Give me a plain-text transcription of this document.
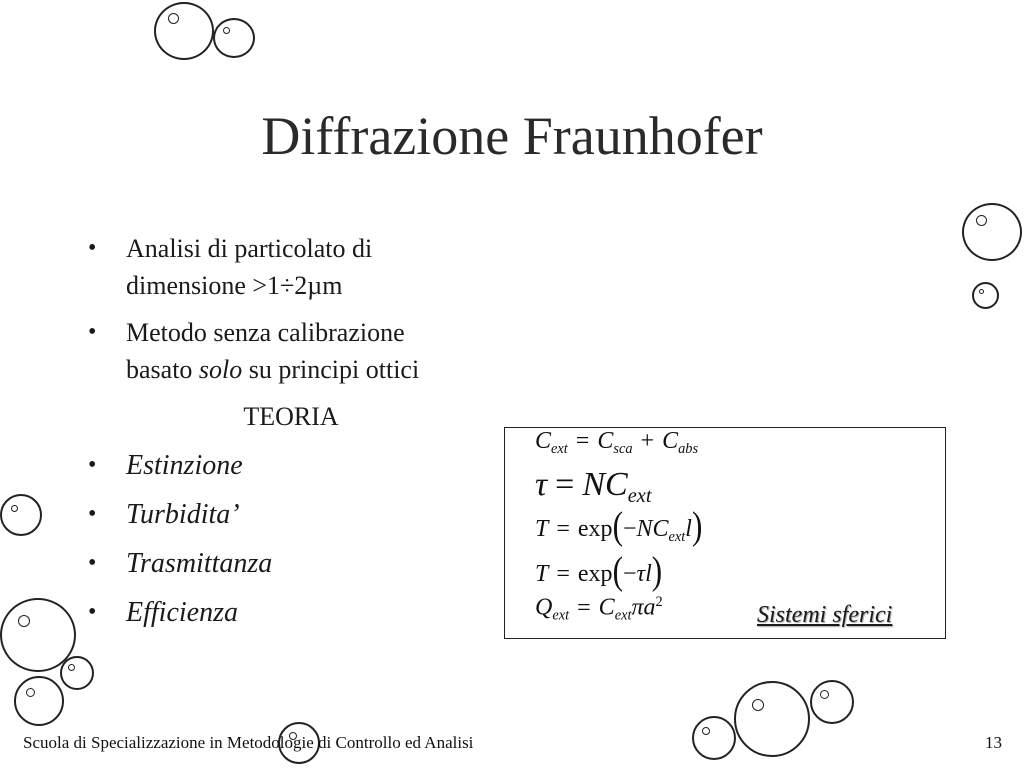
Diffrazione Fraunhofer
• Analisi di particolato di
dimensione >1÷2µm
• Metodo senza calibrazione
basato solo su principi ottici
TEORIA
• Estinzione
• Turbidita’
• Trasmittanza
• Efficienza
$C_{ext} = C_{sca} + C_{abs}$
$\tau = NC_{ext}$
$T = \exp(-NC_{ext}l)$
T = exp(−τl)
$Q_{ext} = C_{ext}\pi a^2$	Sistemi sferici
Scuola di Specializzazione in Metodologie di Controllo ed Analisi	13
